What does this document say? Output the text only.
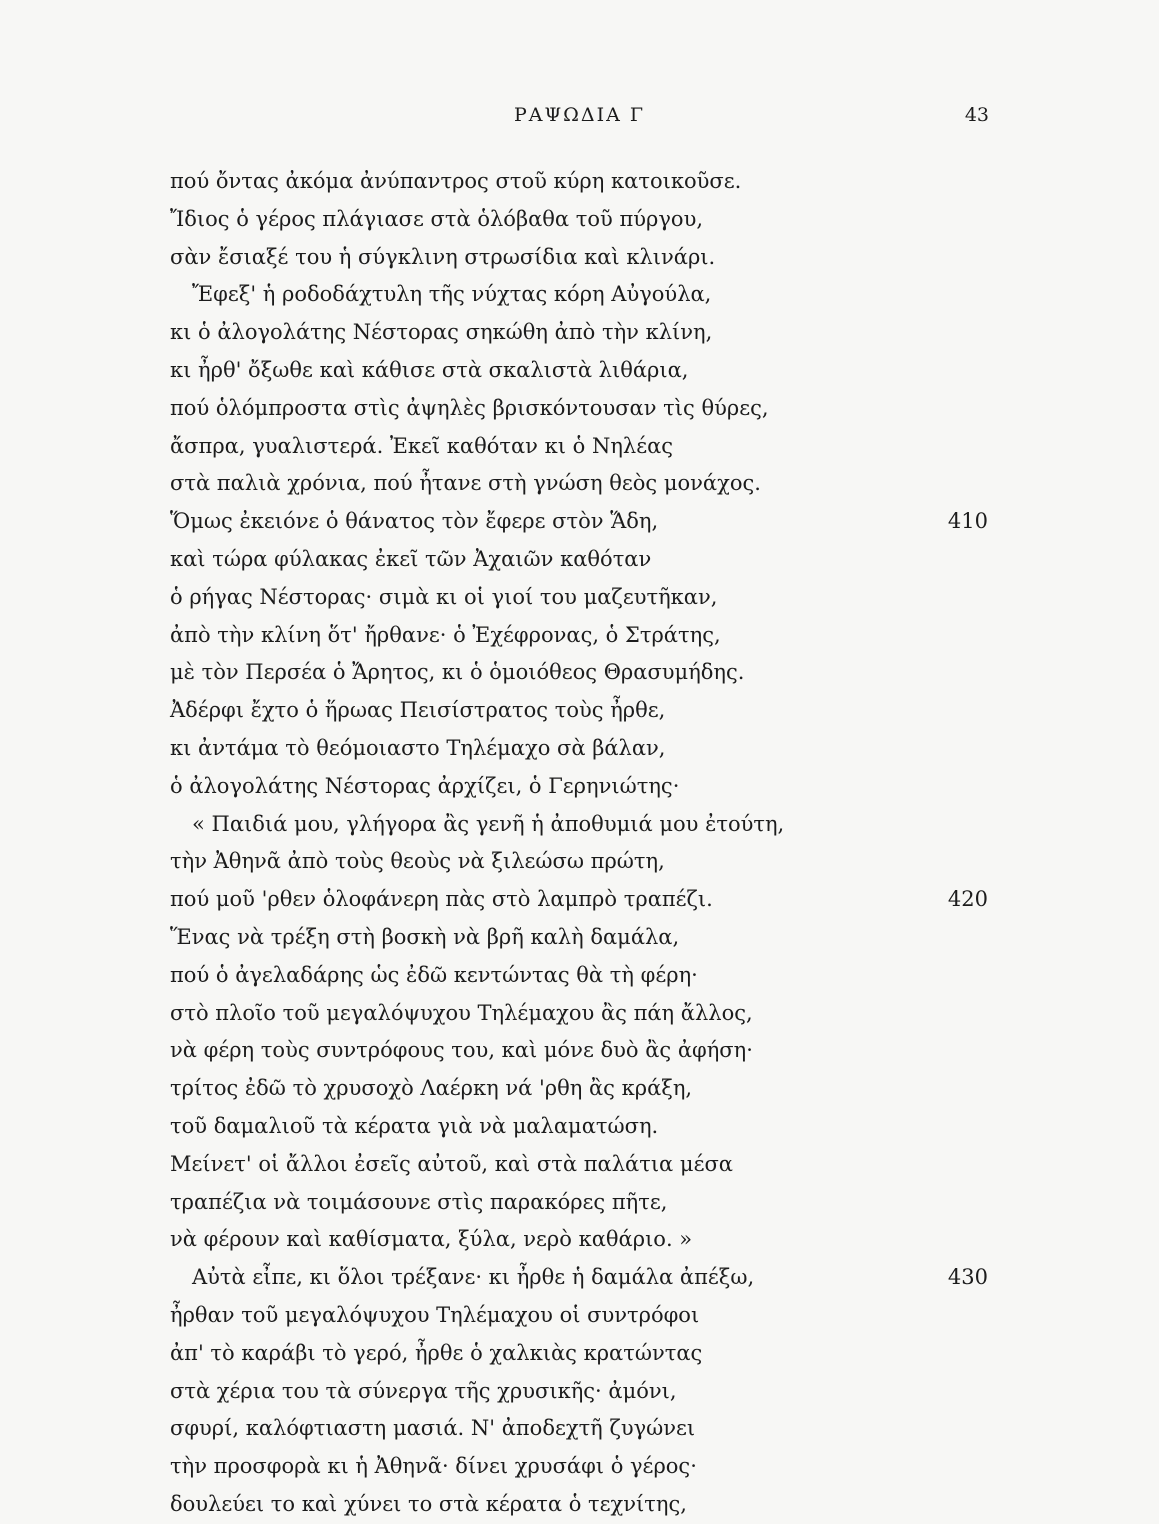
ΡΑΨΩΔΙΑ Γ	43
πού ὄντας ἀκόμα ἀνύπαντρος στοῦ κύρη κατοικοῦσε.
Ἴδιος ὁ γέρος πλάγιασε στὰ ὁλόβαθα τοῦ πύργου,
σὰν ἔσιαξέ του ἡ σύγκλινη στρωσίδια καὶ κλινάρι.
Ἔφεξ' ἡ ροδοδάχτυλη τῆς νύχτας κόρη Αὐγούλα,
κι ὁ ἀλογολάτης Νέστορας σηκώθη ἀπὸ τὴν κλίνη,
κι ἦρθ' ὄξωθε καὶ κάθισε στὰ σκαλιστὰ λιθάρια,
πού ὁλόμπροστα στὶς ἀψηλὲς βρισκόντουσαν τὶς θύρες,
ἄσπρα, γυαλιστερά. Ἐκεῖ καθόταν κι ὁ Νηλέας
στὰ παλιὰ χρόνια, πού ἦτανε στὴ γνώση θεὸς μονάχος.
Ὅμως ἐκειόνε ὁ θάνατος τὸν ἔφερε στὸν Ἅδη,	410
καὶ τώρα φύλακας ἐκεῖ τῶν Ἀχαιῶν καθόταν
ὁ ρήγας Νέστορας· σιμὰ κι οἱ γιοί του μαζευτῆκαν,
ἀπὸ τὴν κλίνη ὅτ' ἤρθανε· ὁ Ἐχέφρονας, ὁ Στράτης,
μὲ τὸν Περσέα ὁ Ἄρητος, κι ὁ ὁμοιόθεος Θρασυμήδης.
Ἀδέρφι ἔχτο ὁ ἥρωας Πεισίστρατος τοὺς ἦρθε,
κι ἀντάμα τὸ θεόμοιαστο Τηλέμαχο σὰ βάλαν,
ὁ ἀλογολάτης Νέστορας ἀρχίζει, ὁ Γερηνιώτης·
« Παιδιά μου, γλήγορα ἂς γενῆ ἡ ἀποθυμιά μου ἐτούτη,
τὴν Ἀθηνᾶ ἀπὸ τοὺς θεοὺς νὰ ξιλεώσω πρώτη,
πού μοῦ 'ρθεν ὁλοφάνερη πὰς στὸ λαμπρὸ τραπέζι.	420
Ἕνας νὰ τρέξη στὴ βοσκὴ νὰ βρῆ καλὴ δαμάλα,
πού ὁ ἀγελαδάρης ὡς ἐδῶ κεντώντας θὰ τὴ φέρη·
στὸ πλοῖο τοῦ μεγαλόψυχου Τηλέμαχου ἂς πάη ἄλλος,
νὰ φέρη τοὺς συντρόφους του, καὶ μόνε δυὸ ἂς ἀφήση·
τρίτος ἐδῶ τὸ χρυσοχὸ Λαέρκη νά 'ρθη ἂς κράξη,
τοῦ δαμαλιοῦ τὰ κέρατα γιὰ νὰ μαλαματώση.
Μείνετ' οἱ ἄλλοι ἐσεῖς αὐτοῦ, καὶ στὰ παλάτια μέσα
τραπέζια νὰ τοιμάσουνε στὶς παρακόρες πῆτε,
νὰ φέρουν καὶ καθίσματα, ξύλα, νερὸ καθάριο. »
Αὐτὰ εἶπε, κι ὅλοι τρέξανε· κι ἦρθε ἡ δαμάλα ἀπέξω,	430
ἦρθαν τοῦ μεγαλόψυχου Τηλέμαχου οἱ συντρόφοι
ἀπ' τὸ καράβι τὸ γερό, ἦρθε ὁ χαλκιὰς κρατώντας
στὰ χέρια του τὰ σύνεργα τῆς χρυσικῆς· ἀμόνι,
σφυρί, καλόφτιαστη μασιά. Ν' ἀποδεχτῆ ζυγώνει
τὴν προσφορὰ κι ἡ Ἀθηνᾶ· δίνει χρυσάφι ὁ γέρος·
δουλεύει το καὶ χύνει το στὰ κέρατα ὁ τεχνίτης,
